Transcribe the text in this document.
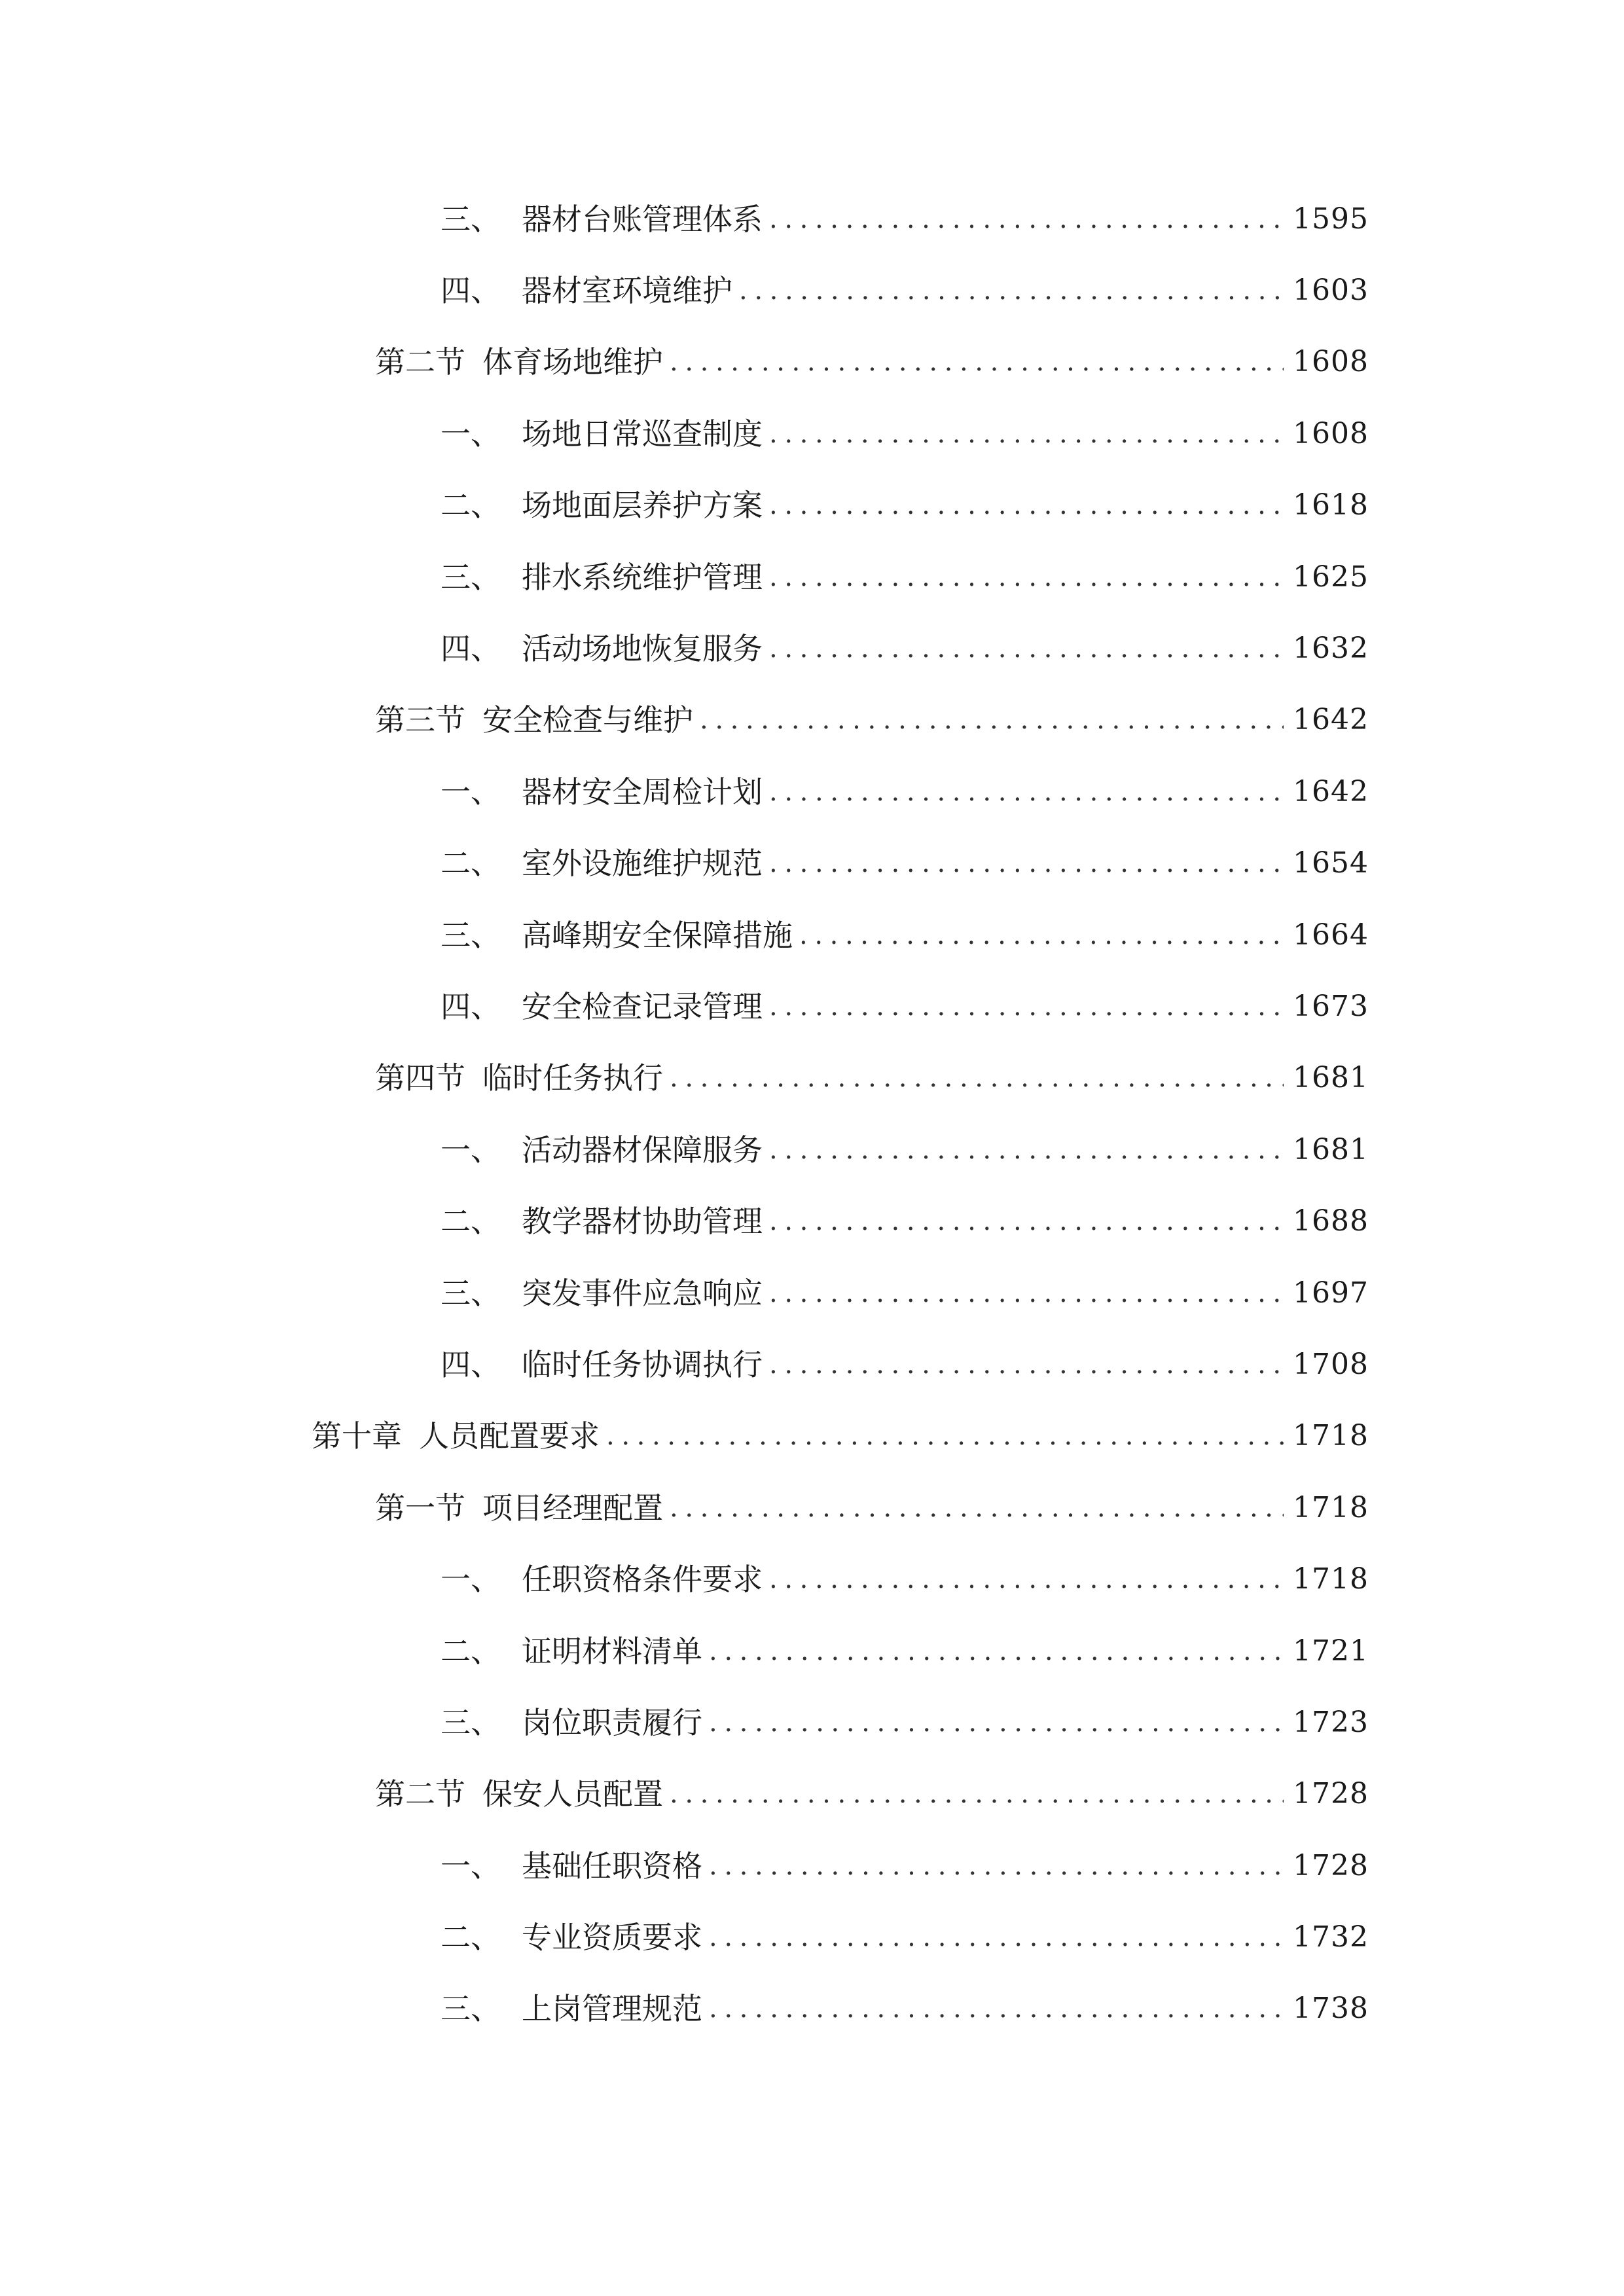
三、 器材台账管理体系 .....	1595
四、 器材室环境维护 .....	1603
第二节 体育场地维护 .....	1608
一、 场地日常巡查制度 .....	1608
二、 场地面层养护方案 .....	1618
三、 排水系统维护管理 .....	1625
四、 活动场地恢复服务 .....	1632
第三节 安全检查与维护 .....	1642
一、 器材安全周检计划 .....	1642
二、 室外设施维护规范 .....	1654
三、 高峰期安全保障措施 .....	1664
四、 安全检查记录管理 .....	1673
第四节 临时任务执行 .....	1681
一、 活动器材保障服务 .....	1681
二、 教学器材协助管理 .....	1688
三、 突发事件应急响应 .....	1697
四、 临时任务协调执行 .....	1708
第十章 人员配置要求 .....	1718
第一节 项目经理配置 .....	1718
一、 任职资格条件要求 .....	1718
二、 证明材料清单 .....	1721
三、 岗位职责履行 .....	1723
第二节 保安人员配置 .....	1728
一、 基础任职资格 .....	1728
二、 专业资质要求 .....	1732
三、 上岗管理规范 .....	1738
